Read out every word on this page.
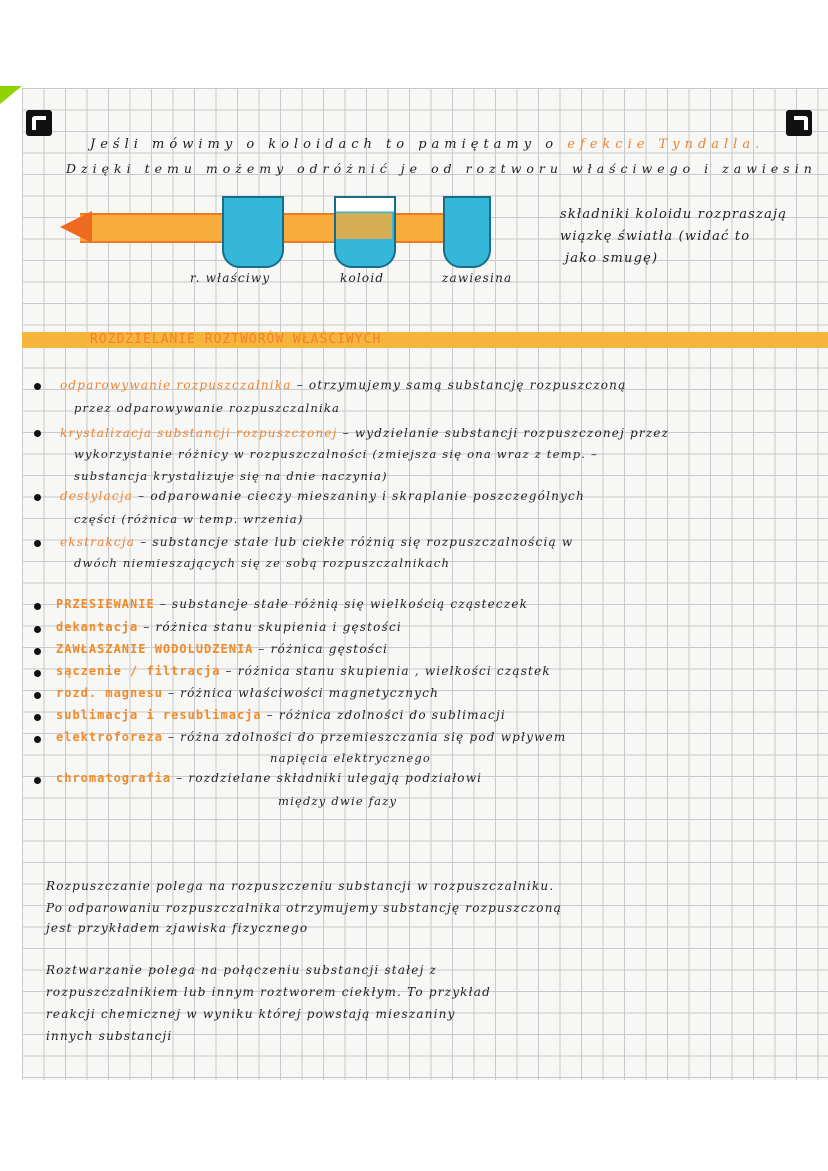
Jeśli mówimy o koloidach to pamiętamy o efekcie Tyndalla.
Dzięki temu możemy odróżnić je od roztworu właściwego i zawiesin
r. właściwy	koloid	zawiesina
składniki koloidu rozpraszają
wiązkę światła (widać to
jako smugę)
ROZDZIELANIE ROZTWORÓW WŁAŚCIWYCH
odparowywanie rozpuszczalnika – otrzymujemy samą substancję rozpuszczoną
przez odparowywanie rozpuszczalnika
krystalizacja substancji rozpuszczonej – wydzielanie substancji rozpuszczonej przez
wykorzystanie różnicy w rozpuszczalności (zmiejsza się ona wraz z temp. –
substancja krystalizuje się na dnie naczynia)
destylacja – odparowanie cieczy mieszaniny i skraplanie poszczególnych
części (różnica w temp. wrzenia)
ekstrakcja – substancje stałe lub ciekłe różnią się rozpuszczalnością w
dwóch niemieszających się ze sobą rozpuszczalnikach
PRZESIEWANIE – substancje stałe różnią się wielkością cząsteczek
dekantacja – różnica stanu skupienia i gęstości
ZAWŁASZANIE WODOLUDZENIA – różnica gęstości
sączenie / filtracja – różnica stanu skupienia , wielkości cząstek
rozd. magnesu – różnica właściwości magnetycznych
sublimacja i resublimacja – różnica zdolności do sublimacji
elektroforeza – różna zdolności do przemieszczania się pod wpływem
napięcia elektrycznego
chromatografia – rozdzielane składniki ulegają podziałowi
między dwie fazy
Rozpuszczanie polega na rozpuszczeniu substancji w rozpuszczalniku.
Po odparowaniu rozpuszczalnika otrzymujemy substancję rozpuszczoną
jest przykładem zjawiska fizycznego
Roztwarzanie polega na połączeniu substancji stałej z
rozpuszczalnikiem lub innym roztworem ciekłym. To przykład
reakcji chemicznej w wyniku której powstają mieszaniny
innych substancji
